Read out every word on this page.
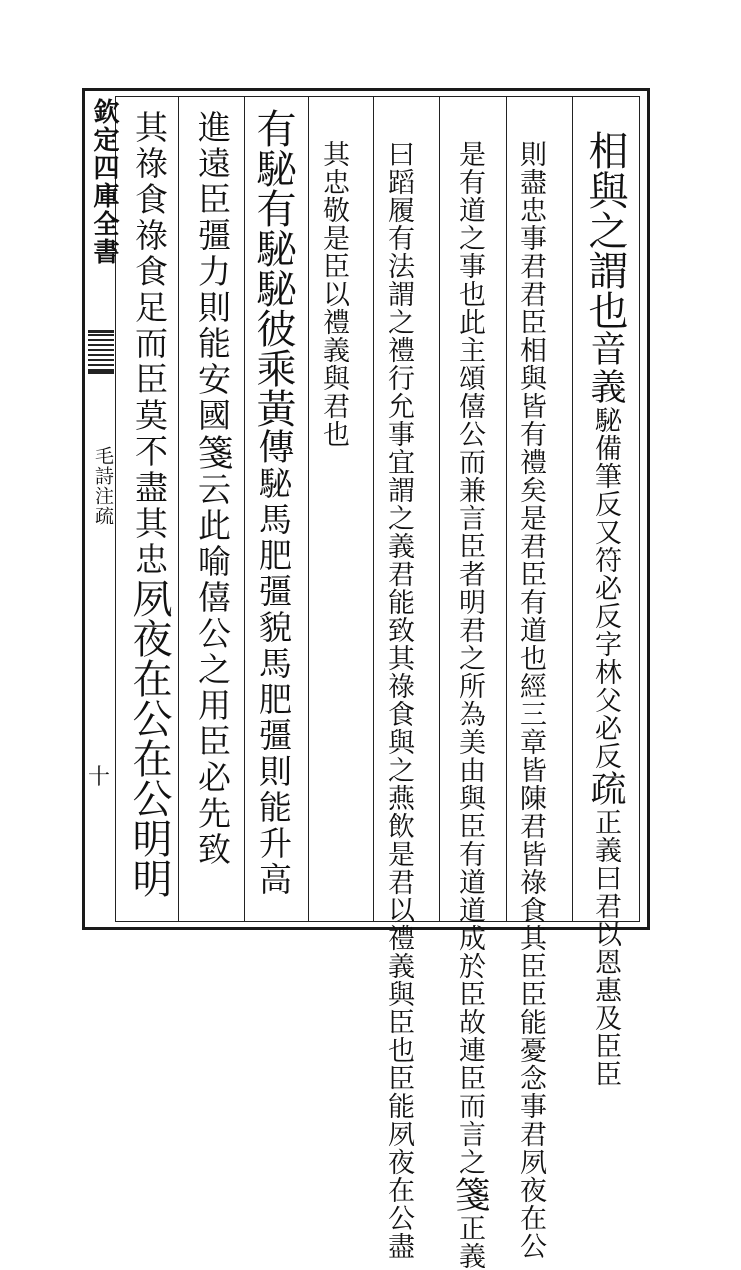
欽定四庫全書
毛詩注疏
十
相與之謂也音義駜備筆反又符必反字林父必反疏正義曰君以恩惠及臣臣
則盡忠事君君臣相與皆有禮矣是君臣有道也經三章皆陳君皆祿食其臣臣能憂念事君夙夜在公
是有道之事也此主頌僖公而兼言臣者明君之所為美由與臣有道道成於臣故連臣而言之箋正義
曰蹈履有法謂之禮行允事宜謂之義君能致其祿食與之燕飲是君以禮義與臣也臣能夙夜在公盡
其忠敬是臣以禮義與君也
有駜有駜駜彼乘黃傳駜馬肥彊貌馬肥彊則能升高
進遠臣彊力則能安國箋云此喻僖公之用臣必先致
其祿食祿食足而臣莫不盡其忠夙夜在公在公明明
